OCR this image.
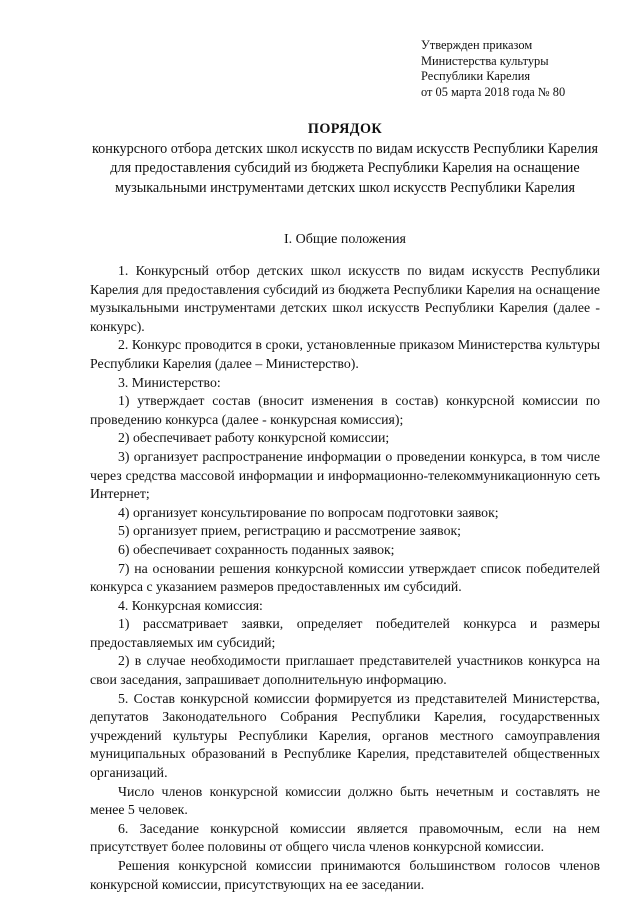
Утвержден приказом
Министерства культуры
Республики Карелия
от 05 марта 2018 года № 80
ПОРЯДОК
конкурсного отбора детских школ искусств по видам искусств Республики Карелия для предоставления субсидий из бюджета Республики Карелия на оснащение музыкальными инструментами детских школ искусств Республики Карелия
I. Общие положения

1. Конкурсный отбор детских школ искусств по видам искусств Республики Карелия для предоставления субсидий из бюджета Республики Карелия на оснащение музыкальными инструментами детских школ искусств Республики Карелия (далее - конкурс).

2. Конкурс проводится в сроки, установленные приказом Министерства культуры Республики Карелия (далее – Министерство).

3. Министерство:

1) утверждает состав (вносит изменения в состав) конкурсной комиссии по проведению конкурса (далее - конкурсная комиссия);

2) обеспечивает работу конкурсной комиссии;

3) организует распространение информации о проведении конкурса, в том числе через средства массовой информации и информационно-телекоммуникационную сеть Интернет;

4) организует консультирование по вопросам подготовки заявок;

5) организует прием, регистрацию и рассмотрение заявок;

6) обеспечивает сохранность поданных заявок;

7) на основании решения конкурсной комиссии утверждает список победителей конкурса с указанием размеров предоставленных им субсидий.

4. Конкурсная комиссия:

1) рассматривает заявки, определяет победителей конкурса и размеры предоставляемых им субсидий;

2) в случае необходимости приглашает представителей участников конкурса на свои заседания, запрашивает дополнительную информацию.

5. Состав конкурсной комиссии формируется из представителей Министерства, депутатов Законодательного Собрания Республики Карелия, государственных учреждений культуры Республики Карелия, органов местного самоуправления муниципальных образований в Республике Карелия, представителей общественных организаций.

Число членов конкурсной комиссии должно быть нечетным и составлять не менее 5 человек.

6. Заседание конкурсной комиссии является правомочным, если на нем присутствует более половины от общего числа членов конкурсной комиссии.

Решения конкурсной комиссии принимаются большинством голосов членов конкурсной комиссии, присутствующих на ее заседании.
